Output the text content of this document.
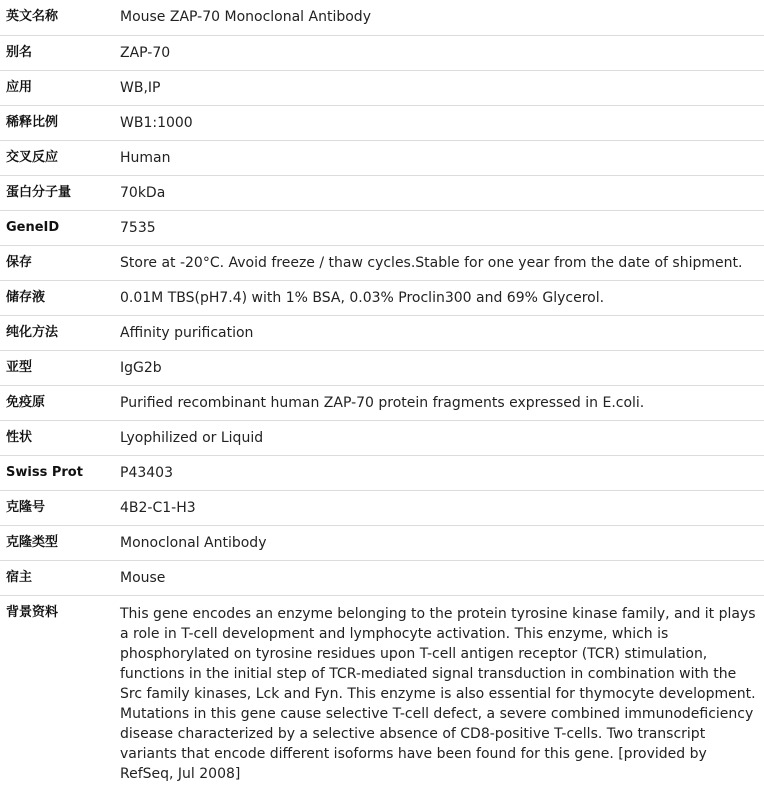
英文名称	Mouse ZAP-70 Monoclonal Antibody
别名	ZAP-70
应用	WB,IP
稀释比例	WB1:1000
交叉反应	Human
蛋白分子量	70kDa
GeneID	7535
保存	Store at -20°C. Avoid freeze / thaw cycles.Stable for one year from the date of shipment.
储存液	0.01M TBS(pH7.4) with 1% BSA, 0.03% Proclin300 and 69% Glycerol.
纯化方法	Affinity purification
亚型	IgG2b
免疫原	Purified recombinant human ZAP-70 protein fragments expressed in E.coli.
性状	Lyophilized or Liquid
Swiss Prot	P43403
克隆号	4B2-C1-H3
克隆类型	Monoclonal Antibody
宿主	Mouse
背景资料	This gene encodes an enzyme belonging to the protein tyrosine kinase family, and it plays a role in T-cell development and lymphocyte activation. This enzyme, which is phosphorylated on tyrosine residues upon T-cell antigen receptor (TCR) stimulation, functions in the initial step of TCR-mediated signal transduction in combination with the Src family kinases, Lck and Fyn. This enzyme is also essential for thymocyte development. Mutations in this gene cause selective T-cell defect, a severe combined immunodeficiency disease characterized by a selective absence of CD8-positive T-cells. Two transcript variants that encode different isoforms have been found for this gene. [provided by RefSeq, Jul 2008]
